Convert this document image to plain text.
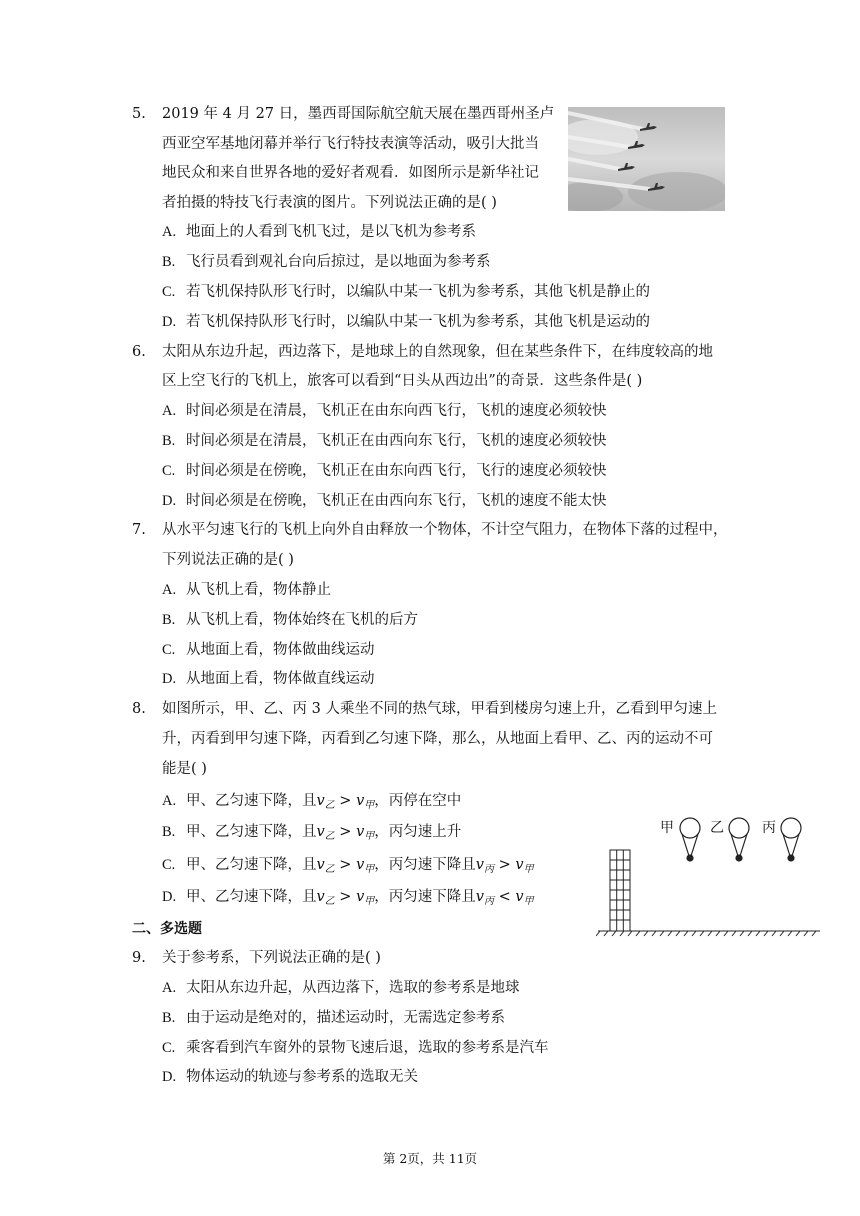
5. 2019 年 4 月 27 日，墨西哥国际航空航天展在墨西哥州圣卢
西亚空军基地闭幕并举行飞行特技表演等活动，吸引大批当
地民众和来自世界各地的爱好者观看．如图所示是新华社记
者拍摄的特技飞行表演的图片。下列说法正确的是( )
A. 地面上的人看到飞机飞过，是以飞机为参考系
B. 飞行员看到观礼台向后掠过，是以地面为参考系
C. 若飞机保持队形飞行时，以编队中某一飞机为参考系，其他飞机是静止的
D. 若飞机保持队形飞行时，以编队中某一飞机为参考系，其他飞机是运动的
6. 太阳从东边升起，西边落下，是地球上的自然现象，但在某些条件下，在纬度较高的地
区上空飞行的飞机上，旅客可以看到“日头从西边出”的奇景．这些条件是( )
A. 时间必须是在清晨，飞机正在由东向西飞行，飞机的速度必须较快
B. 时间必须是在清晨，飞机正在由西向东飞行，飞机的速度必须较快
C. 时间必须是在傍晚，飞机正在由东向西飞行，飞行的速度必须较快
D. 时间必须是在傍晚，飞机正在由西向东飞行，飞机的速度不能太快
7. 从水平匀速飞行的飞机上向外自由释放一个物体，不计空气阻力，在物体下落的过程中，
下列说法正确的是( )
A. 从飞机上看，物体静止
B. 从飞机上看，物体始终在飞机的后方
C. 从地面上看，物体做曲线运动
D. 从地面上看，物体做直线运动
8. 如图所示，甲、乙、丙 3 人乘坐不同的热气球，甲看到楼房匀速上升，乙看到甲匀速上
升，丙看到甲匀速下降，丙看到乙匀速下降，那么，从地面上看甲、乙、丙的运动不可
能是( )
A. 甲、乙匀速下降，且$v_乙 > v_甲$，丙停在空中
B. 甲、乙匀速下降，且$v_乙 > v_甲$，丙匀速上升
C. 甲、乙匀速下降，且$v_乙 > v_甲$，丙匀速下降且$v_丙 > v_甲$
D. 甲、乙匀速下降，且$v_乙 > v_甲$，丙匀速下降且$v_丙 < v_甲$
甲	乙	丙
二、多选题
9. 关于参考系，下列说法正确的是( )
A. 太阳从东边升起，从西边落下，选取的参考系是地球
B. 由于运动是绝对的，描述运动时，无需选定参考系
C. 乘客看到汽车窗外的景物飞速后退，选取的参考系是汽车
D. 物体运动的轨迹与参考系的选取无关
第 2页，共 11页
